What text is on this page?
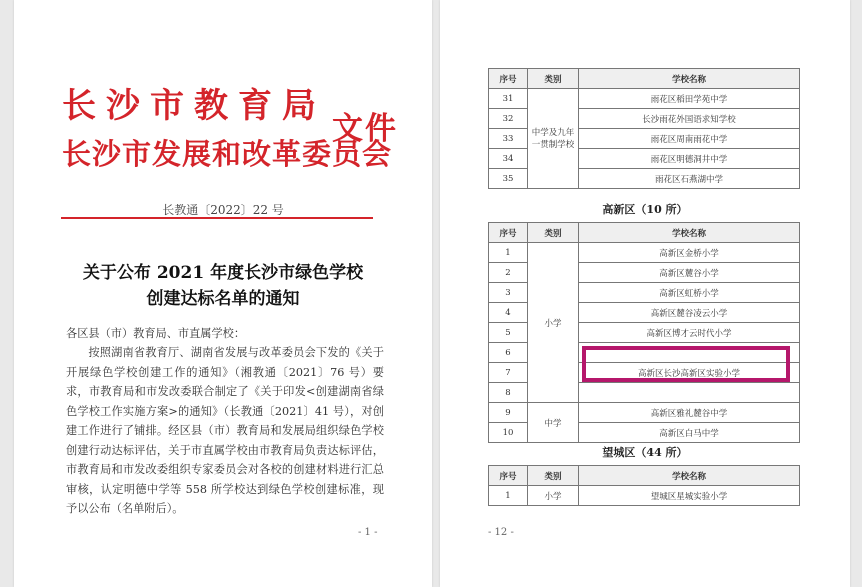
长沙市教育局
长沙市发展和改革委员会
文件
长教通〔2022〕22 号
关于公布 2021 年度长沙市绿色学校
创建达标名单的通知
各区县（市）教育局、市直属学校：
按照湖南省教育厅、湖南省发展与改革委员会下发的《关于开展绿色学校创建工作的通知》（湘教通〔2021〕76 号）要求，市教育局和市发改委联合制定了《关于印发<创建湖南省绿色学校工作实施方案>的通知》（长教通〔2021〕41 号），对创建工作进行了铺排。经区县（市）教育局和发展局组织绿色学校创建行动达标评估，关于市直属学校由市教育局负责达标评估，市教育局和市发改委组织专家委员会对各校的创建材料进行汇总审核，认定明德中学等 558 所学校达到绿色学校创建标准，现予以公布（名单附后）。
- 1 -
序号	类别	学校名称
31	中学及九年一贯制学校	雨花区稻田学苑中学
32		长沙雨花外国语求知学校
33		雨花区周南雨花中学
34		雨花区明德洞井中学
35		雨花区石燕湖中学
高新区（10 所）
序号	类别	学校名称
1	小学	高新区金桥小学
2		高新区麓谷小学
3		高新区虹桥小学
4		高新区麓谷凌云小学
5		高新区博才云时代小学
6		
7		高新区长沙高新区实验小学
8		
9	中学	高新区雅礼麓谷中学
10		高新区白马中学
望城区（44 所）
序号	类别	学校名称
1	小学	望城区星城实验小学
- 12 -
